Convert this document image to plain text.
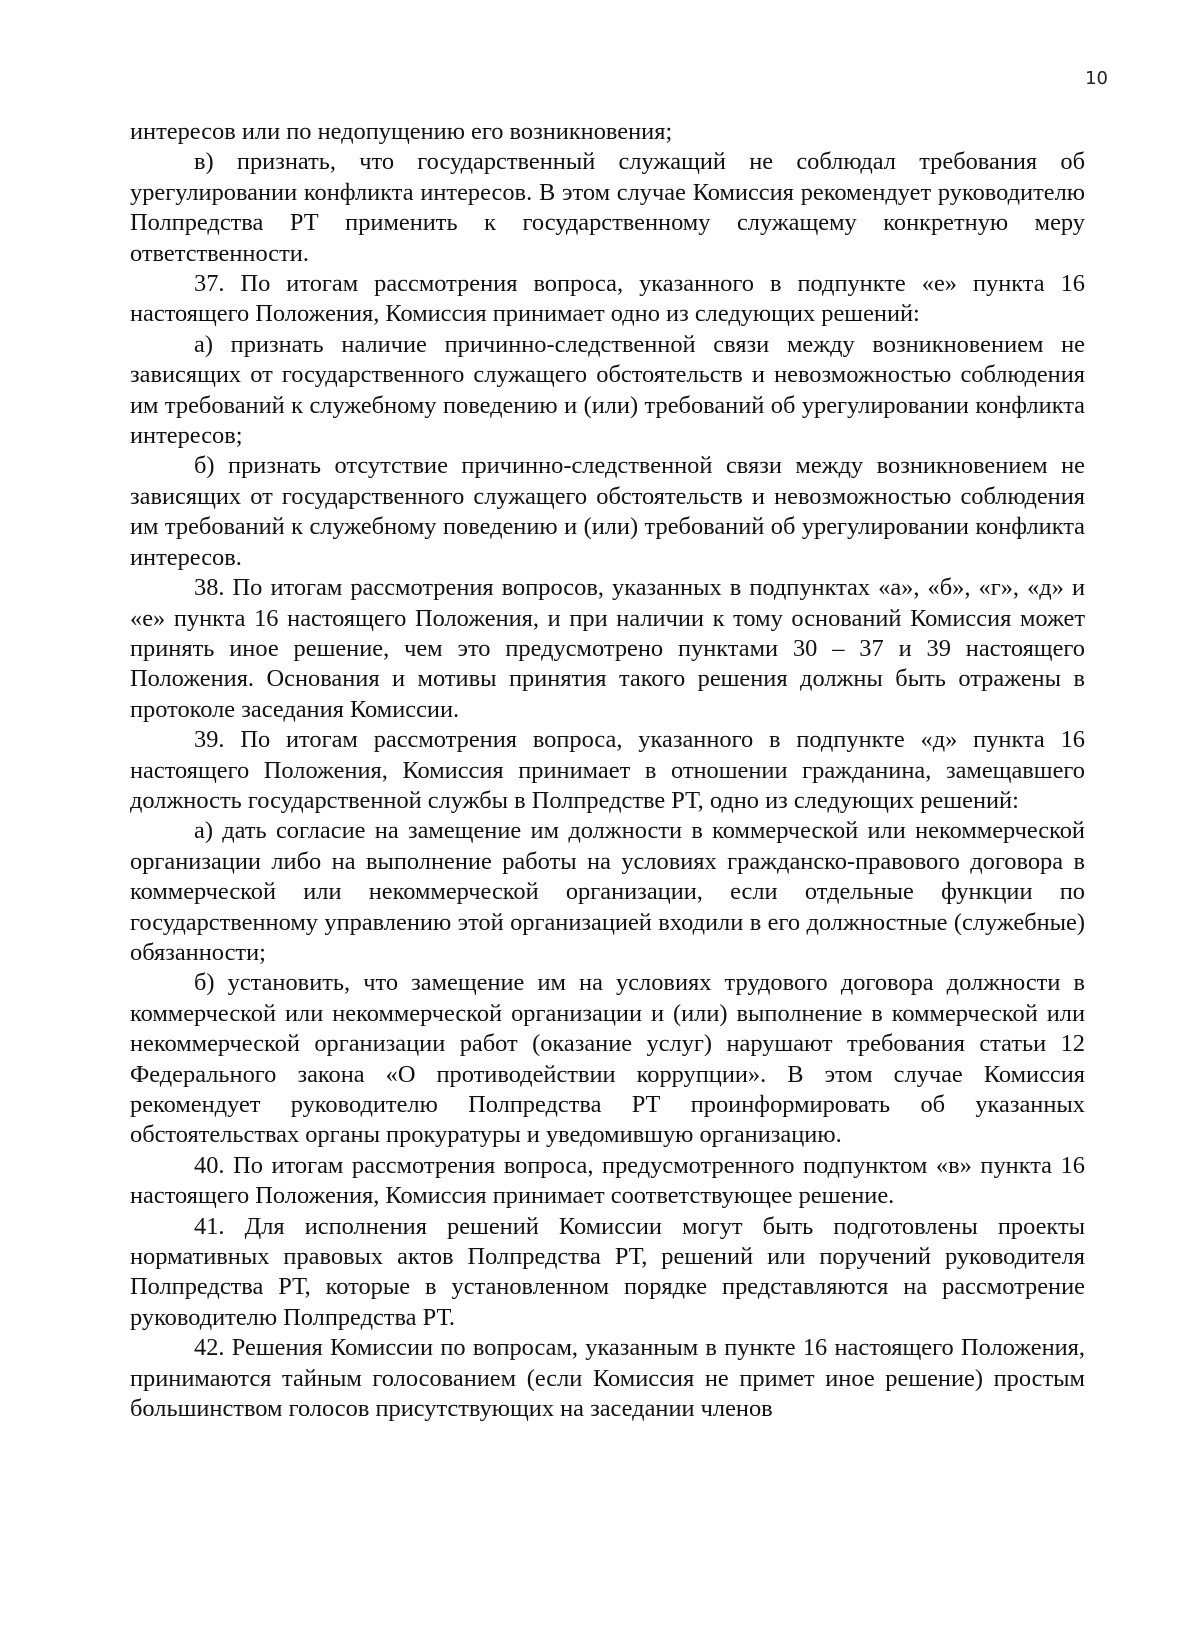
10

интересов или по недопущению его возникновения;

в) признать, что государственный служащий не соблюдал требования об урегулировании конфликта интересов. В этом случае Комиссия рекомендует руководителю Полпредства РТ применить к государственному служащему конкретную меру ответственности.

37. По итогам рассмотрения вопроса, указанного в подпункте «е» пункта 16 настоящего Положения, Комиссия принимает одно из следующих решений:

а) признать наличие причинно-следственной связи между возникновением не зависящих от государственного служащего обстоятельств и невозможностью соблюдения им требований к служебному поведению и (или) требований об урегулировании конфликта интересов;

б) признать отсутствие причинно-следственной связи между возникновением не зависящих от государственного служащего обстоятельств и невозможностью соблюдения им требований к служебному поведению и (или) требований об урегулировании конфликта интересов.

38. По итогам рассмотрения вопросов, указанных в подпунктах «а», «б», «г», «д» и «е» пункта 16 настоящего Положения, и при наличии к тому оснований Комиссия может принять иное решение, чем это предусмотрено пунктами 30 – 37 и 39 настоящего Положения. Основания и мотивы принятия такого решения должны быть отражены в протоколе заседания Комиссии.

39. По итогам рассмотрения вопроса, указанного в подпункте «д» пункта 16 настоящего Положения, Комиссия принимает в отношении гражданина, замещавшего должность государственной службы в Полпредстве РТ, одно из следующих решений:

а) дать согласие на замещение им должности в коммерческой или некоммерческой организации либо на выполнение работы на условиях гражданско-правового договора в коммерческой или некоммерческой организации, если отдельные функции по государственному управлению этой организацией входили в его должностные (служебные) обязанности;

б) установить, что замещение им на условиях трудового договора должности в коммерческой или некоммерческой организации и (или) выполнение в коммерческой или некоммерческой организации работ (оказание услуг) нарушают требования статьи 12 Федерального закона «О противодействии коррупции». В этом случае Комиссия рекомендует руководителю Полпредства РТ проинформировать об указанных обстоятельствах органы прокуратуры и уведомившую организацию.

40. По итогам рассмотрения вопроса, предусмотренного подпунктом «в» пункта 16 настоящего Положения, Комиссия принимает соответствующее решение.

41. Для исполнения решений Комиссии могут быть подготовлены проекты нормативных правовых актов Полпредства РТ, решений или поручений руководителя Полпредства РТ, которые в установленном порядке представляются на рассмотрение руководителю Полпредства РТ.

42. Решения Комиссии по вопросам, указанным в пункте 16 настоящего Положения, принимаются тайным голосованием (если Комиссия не примет иное решение) простым большинством голосов присутствующих на заседании членов
